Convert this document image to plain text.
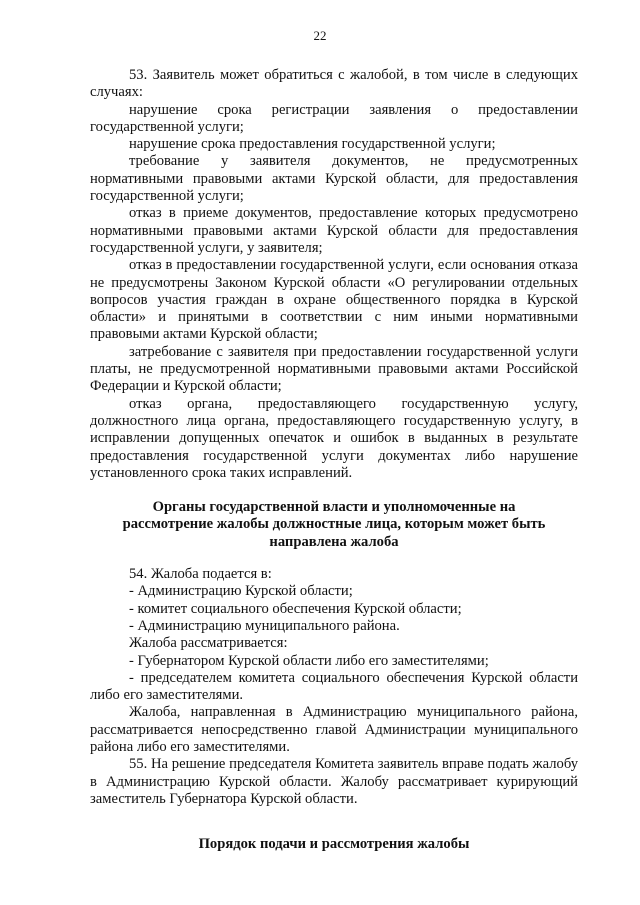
22

53. Заявитель может обратиться с жалобой, в том числе в следующих случаях:

нарушение срока регистрации заявления о предоставлении государственной услуги;

нарушение срока предоставления государственной услуги;

требование у заявителя документов, не предусмотренных нормативными правовыми актами Курской области, для предоставления государственной услуги;

отказ в приеме документов, предоставление которых предусмотрено нормативными правовыми актами Курской области для предоставления государственной услуги, у заявителя;

отказ в предоставлении государственной услуги, если основания отказа не предусмотрены Законом Курской области «О регулировании отдельных вопросов участия граждан в охране общественного порядка в Курской области» и принятыми в соответствии с ним иными нормативными правовыми актами Курской области;

затребование с заявителя при предоставлении государственной услуги платы, не предусмотренной нормативными правовыми актами Российской Федерации и Курской области;

отказ органа, предоставляющего государственную услугу, должностного лица органа, предоставляющего государственную услугу, в исправлении допущенных опечаток и ошибок в выданных в результате предоставления государственной услуги документах либо нарушение установленного срока таких исправлений.

Органы государственной власти и уполномоченные на

рассмотрение жалобы должностные лица, которым может быть

направлена жалоба

54. Жалоба подается в:

- Администрацию Курской области;

- комитет социального обеспечения Курской области;

- Администрацию муниципального района.

Жалоба рассматривается:

- Губернатором Курской области либо его заместителями;

- председателем комитета социального обеспечения Курской области либо его заместителями.

Жалоба, направленная в Администрацию муниципального района, рассматривается непосредственно главой Администрации муниципального района либо его заместителями.

55. На решение председателя Комитета заявитель вправе подать жалобу в Администрацию Курской области. Жалобу рассматривает курирующий заместитель Губернатора Курской области.

Порядок подачи и рассмотрения жалобы
